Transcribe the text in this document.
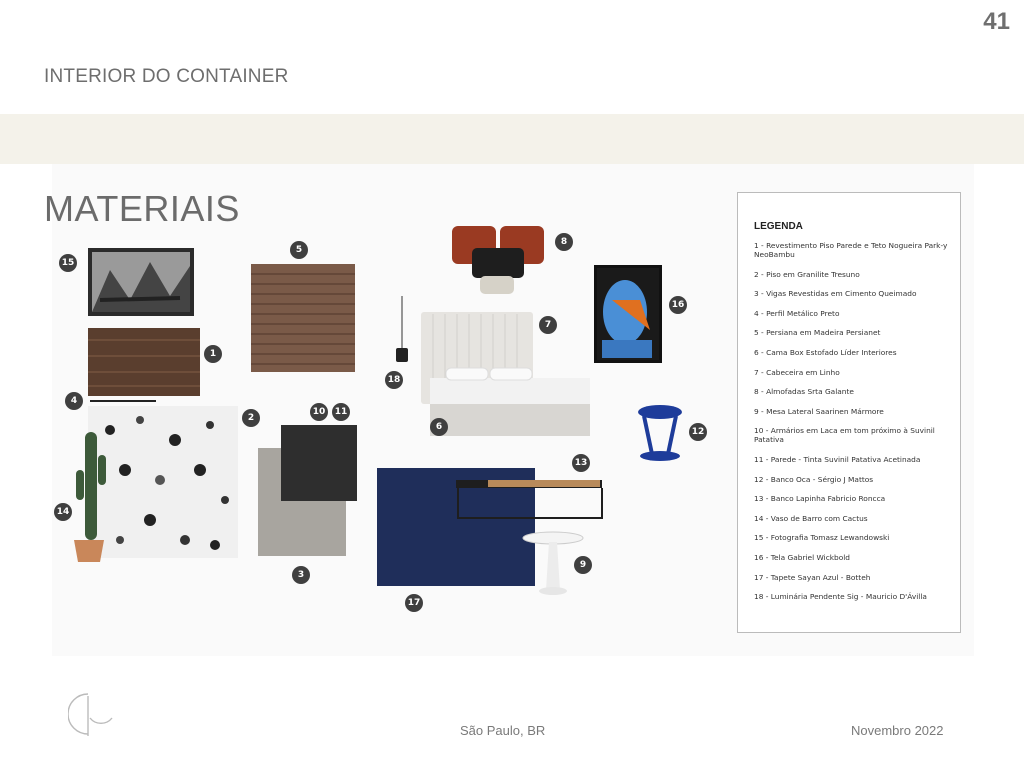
41
INTERIOR DO CONTAINER
MATERIAIS
15
1
4
2
14
5
10	11
3
18
8
7
6
16
12
13
9
17
LEGENDA
1 - Revestimento Piso Parede e Teto Nogueira Park-y NeoBambu
2 - Piso em Granilite Tresuno
3 - Vigas Revestidas em Cimento Queimado
4 - Perfil Metálico Preto
5 - Persiana em Madeira Persianet
6 - Cama Box Estofado Líder Interiores
7 - Cabeceira em Linho
8 - Almofadas Srta Galante
9 - Mesa Lateral Saarinen Mármore
10 - Armários em Laca em tom próximo à Suvinil Patativa
11 - Parede - Tinta Suvinil Patativa Acetinada
12 - Banco Oca - Sérgio J Mattos
13 - Banco Lapinha Fabricio Roncca
14 - Vaso de Barro com Cactus
15 - Fotografia Tomasz Lewandowski
16 - Tela Gabriel Wickbold
17 - Tapete Sayan Azul - Botteh
18 - Luminária Pendente Sig - Mauricio D'Ávilla
São Paulo, BR	Novembro 2022
